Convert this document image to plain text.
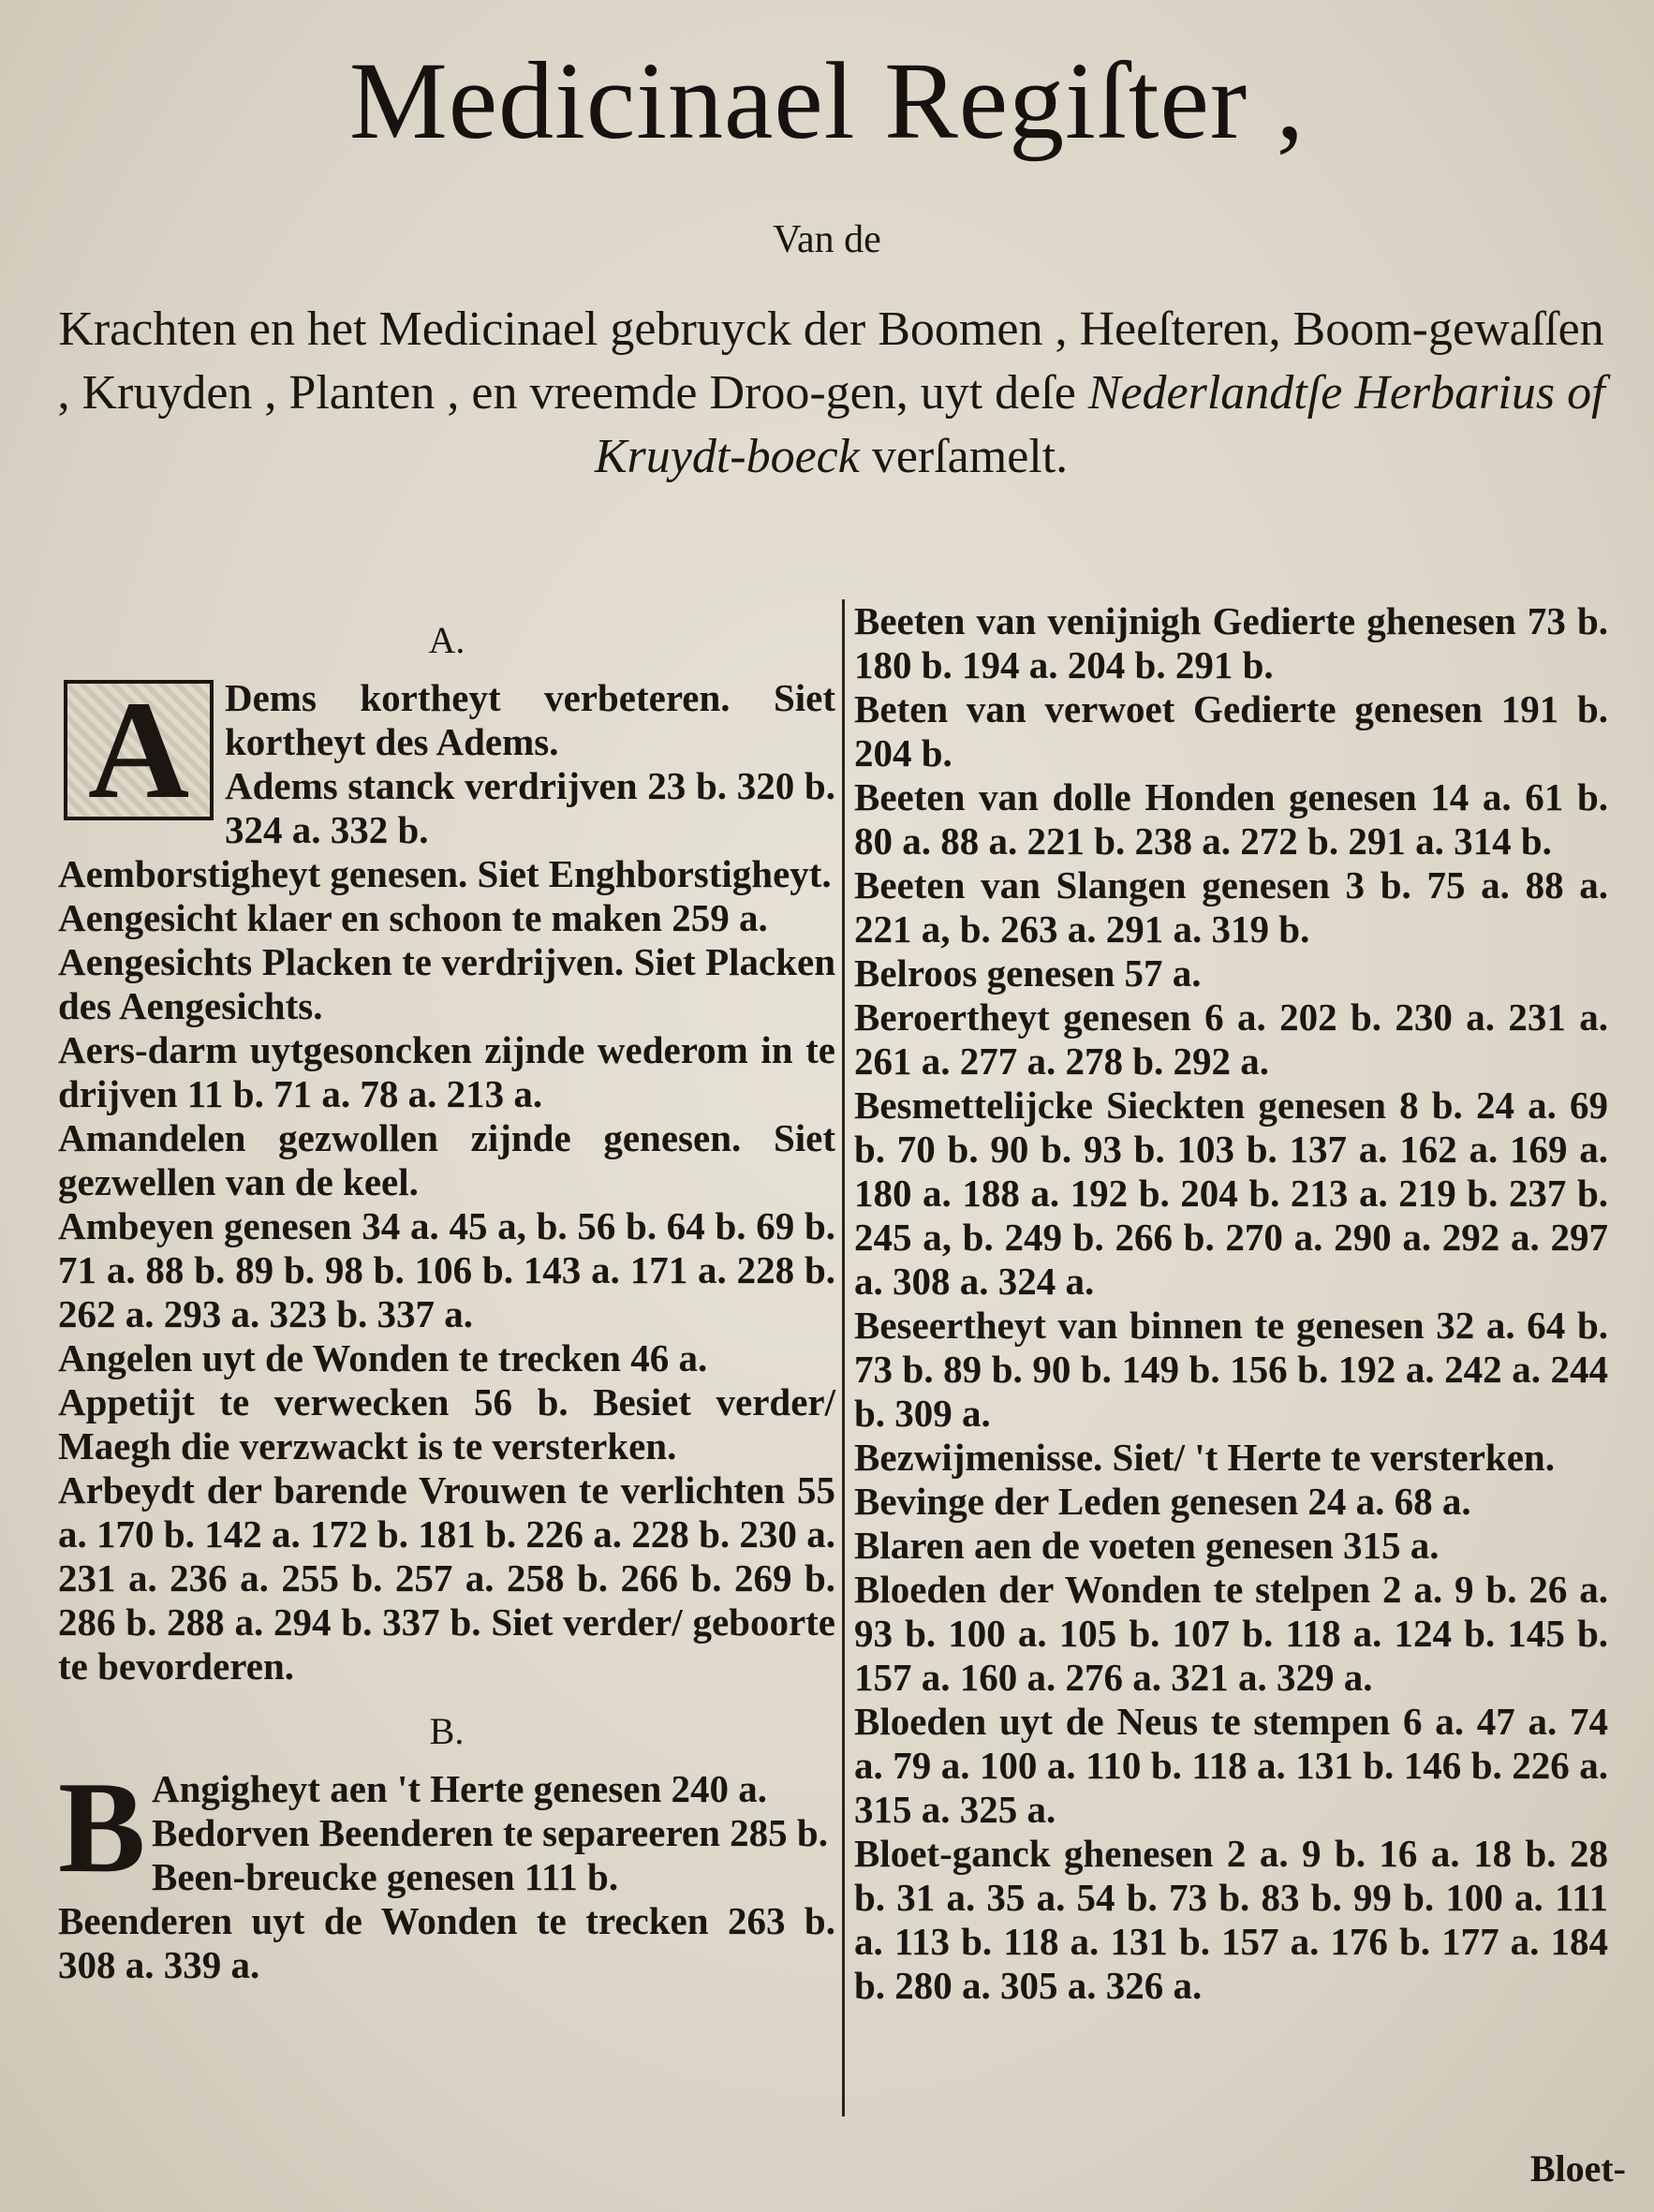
Medicinael Regiſter ,
Van de
Krachten en het Medicinael gebruyck der Boomen , Heeſteren, Boom-gewaſſen , Kruyden , Planten , en vreemde Droo-gen, uyt deſe Nederlandtſe Herbarius of Kruydt-boeck verſamelt.
A.
A Dems kortheyt verbeteren. Siet kortheyt des Adems.

Adems stanck verdrijven 23 b. 320 b. 324 a. 332 b.

Aemborstigheyt genesen. Siet Enghborstigheyt.

Aengesicht klaer en schoon te maken 259 a.

Aengesichts Placken te verdrijven. Siet Placken des Aengesichts.

Aers-darm uytgesoncken zijnde wederom in te drijven 11 b. 71 a. 78 a. 213 a.

Amandelen gezwollen zijnde genesen. Siet gezwellen van de keel.

Ambeyen genesen 34 a. 45 a, b. 56 b. 64 b. 69 b. 71 a. 88 b. 89 b. 98 b. 106 b. 143 a. 171 a. 228 b. 262 a. 293 a. 323 b. 337 a.

Angelen uyt de Wonden te trecken 46 a.

Appetijt te verwecken 56 b. Besiet verder/ Maegh die verzwackt is te versterken.

Arbeydt der barende Vrouwen te verlichten 55 a. 170 b. 142 a. 172 b. 181 b. 226 a. 228 b. 230 a. 231 a. 236 a. 255 b. 257 a. 258 b. 266 b. 269 b. 286 b. 288 a. 294 b. 337 b. Siet verder/ geboorte te bevorderen.

B.
B Angigheyt aen 't Herte genesen 240 a.

Bedorven Beenderen te separeeren 285 b.

Been-breucke genesen 111 b.

Beenderen uyt de Wonden te trecken 263 b. 308 a. 339 a.

Beeten van venijnigh Gedierte ghenesen 73 b. 180 b. 194 a. 204 b. 291 b.

Beten van verwoet Gedierte genesen 191 b. 204 b.

Beeten van dolle Honden genesen 14 a. 61 b. 80 a. 88 a. 221 b. 238 a. 272 b. 291 a. 314 b.

Beeten van Slangen genesen 3 b. 75 a. 88 a. 221 a, b. 263 a. 291 a. 319 b.

Belroos genesen 57 a.

Beroertheyt genesen 6 a. 202 b. 230 a. 231 a. 261 a. 277 a. 278 b. 292 a.

Besmettelijcke Sieckten genesen 8 b. 24 a. 69 b. 70 b. 90 b. 93 b. 103 b. 137 a. 162 a. 169 a. 180 a. 188 a. 192 b. 204 b. 213 a. 219 b. 237 b. 245 a, b. 249 b. 266 b. 270 a. 290 a. 292 a. 297 a. 308 a. 324 a.

Beseertheyt van binnen te genesen 32 a. 64 b. 73 b. 89 b. 90 b. 149 b. 156 b. 192 a. 242 a. 244 b. 309 a.

Bezwijmenisse. Siet/ 't Herte te versterken.

Bevinge der Leden genesen 24 a. 68 a.

Blaren aen de voeten genesen 315 a.

Bloeden der Wonden te stelpen 2 a. 9 b. 26 a. 93 b. 100 a. 105 b. 107 b. 118 a. 124 b. 145 b. 157 a. 160 a. 276 a. 321 a. 329 a.

Bloeden uyt de Neus te stempen 6 a. 47 a. 74 a. 79 a. 100 a. 110 b. 118 a. 131 b. 146 b. 226 a. 315 a. 325 a.

Bloet-ganck ghenesen 2 a. 9 b. 16 a. 18 b. 28 b. 31 a. 35 a. 54 b. 73 b. 83 b. 99 b. 100 a. 111 a. 113 b. 118 a. 131 b. 157 a. 176 b. 177 a. 184 b. 280 a. 305 a. 326 a.

Bloet-
